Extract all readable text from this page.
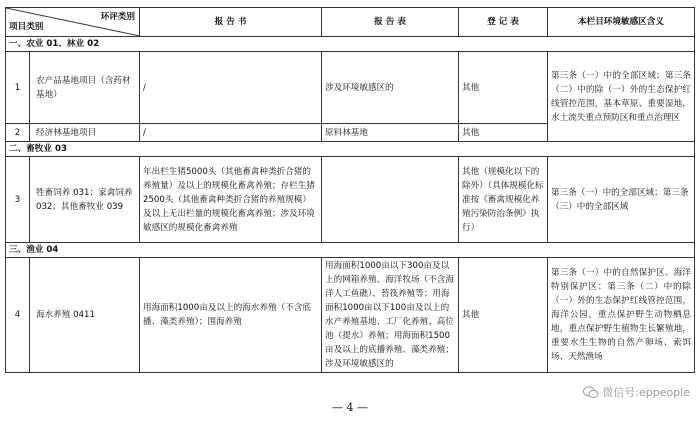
环评类别
项目类别		报 告 书	报 告 表	登 记 表	本栏目环境敏感区含义
一、农业 01、林业 02					
1	农产品基地项目（含药材基地）	/	涉及环境敏感区的	其他	第三条（一）中的全部区域；第三条（二）中的除（一）外的生态保护红线管控范围，基本草原、重要湿地，水土流失重点预防区和重点治理区
2	经济林基地项目	/	原料林基地	其他	
二、畜牧业 03					
3	牲畜饲养 031；家禽饲养 032；其他畜牧业 039	年出栏生猪5000头（其他畜禽种类折合猪的养殖量）及以上的规模化畜禽养殖；存栏生猪2500头（其他畜禽种类折合猪的养殖规模）及以上无出栏量的规模化畜禽养殖；涉及环境敏感区的规模化畜禽养殖		其他（规模化以下的除外）（具体规模化标准按《畜禽规模化养殖污染防治条例》执行）	第三条（一）中的全部区域；第三条（三）中的全部区域
三、渔业 04					
4	海水养殖 0411	用海面积1000亩及以上的海水养殖（不含底播、藻类养殖）；围海养殖	用海面积1000亩以下300亩及以上的网箱养殖、海洋牧场（不含海洋人工鱼礁）、苔筏养殖等；用海面积1000亩以下100亩及以上的水产养殖基地、工厂化养殖、高位池（提水）养殖；用海面积1500亩及以上的底播养殖、藻类养殖；涉及环境敏感区的	其他	第三条（一）中的自然保护区、海洋特别保护区；第三条（二）中的除（一）外的生态保护红线管控范围，海洋公园，重点保护野生动物栖息地，重点保护野生植物生长繁殖地，重要水生生物的自然产卵场、索饵场、天然渔场
微信号:eppeople
— 4 —
